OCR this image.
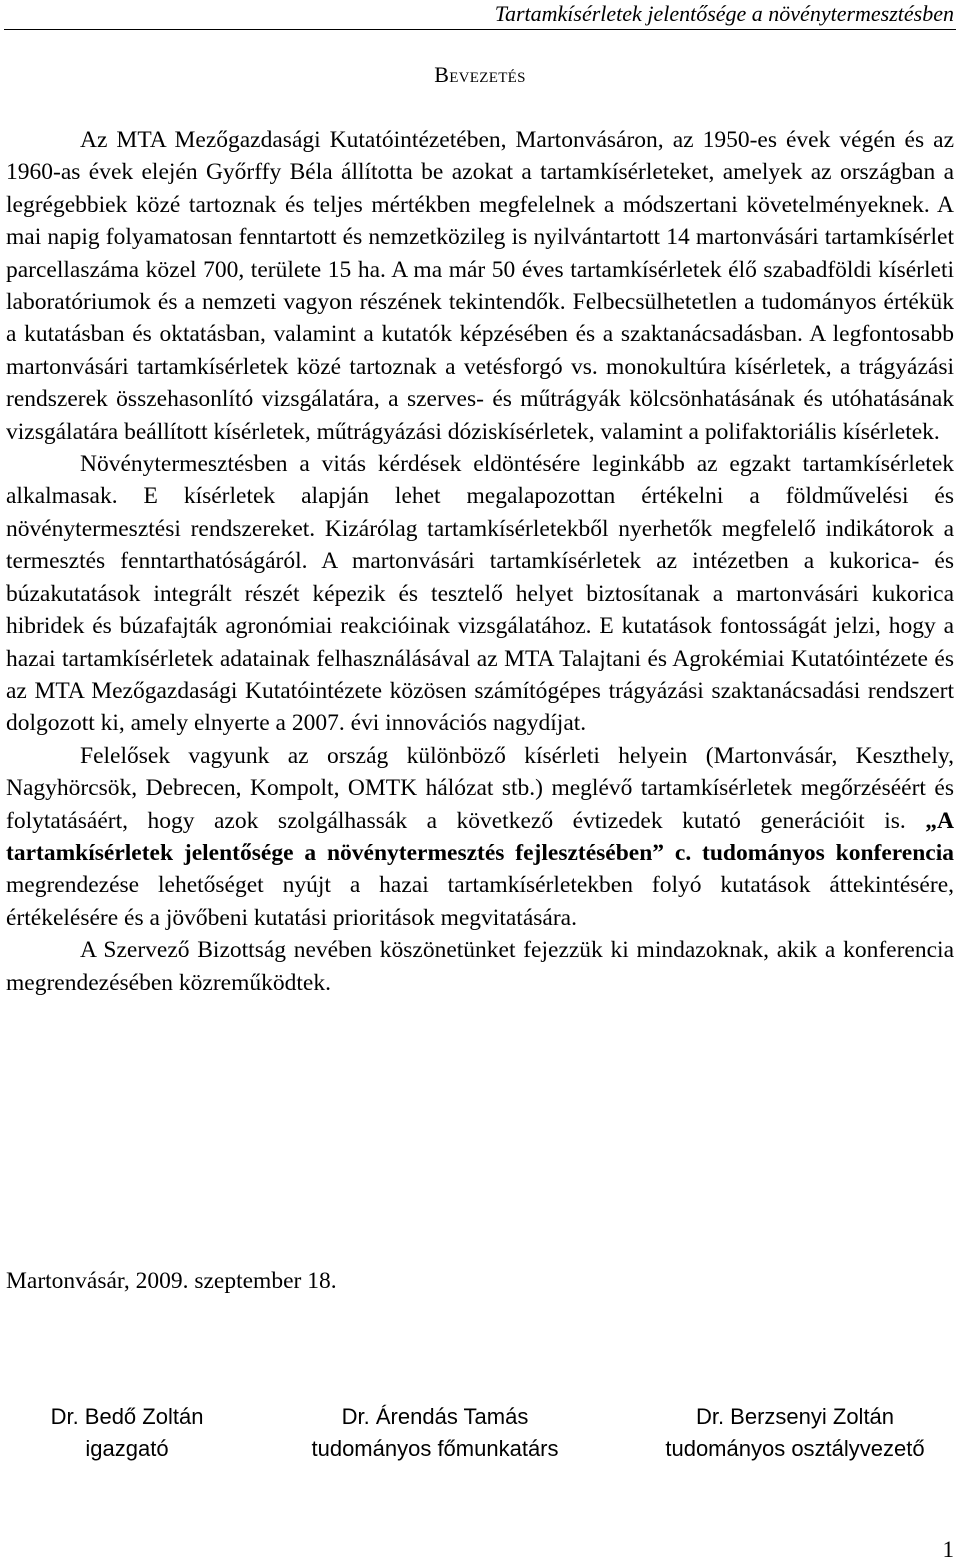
Tartamkísérletek jelentősége a növénytermesztésben
Bevezetés

Az MTA Mezőgazdasági Kutatóintézetében, Martonvásáron, az 1950-es évek végén és az 1960-as évek elején Győrffy Béla állította be azokat a tartamkísérleteket, amelyek az országban a legrégebbiek közé tartoznak és teljes mértékben megfelelnek a módszertani követelményeknek. A mai napig folyamatosan fenntartott és nemzetközileg is nyilvántartott 14 martonvásári tartamkísérlet parcellaszáma közel 700, területe 15 ha. A ma már 50 éves tartamkísérletek élő szabadföldi kísérleti laboratóriumok és a nemzeti vagyon részének tekintendők. Felbecsülhetetlen a tudományos értékük a kutatásban és oktatásban, valamint a kutatók képzésében és a szaktanácsadásban. A legfontosabb martonvásári tartamkísérletek közé tartoznak a vetésforgó vs. monokultúra kísérletek, a trágyázási rendszerek összehasonlító vizsgálatára, a szerves- és műtrágyák kölcsönhatásának és utóhatásának vizsgálatára beállított kísérletek, műtrágyázási dóziskísérletek, valamint a polifaktoriális kísérletek.

Növénytermesztésben a vitás kérdések eldöntésére leginkább az egzakt tartamkísérletek alkalmasak. E kísérletek alapján lehet megalapozottan értékelni a földművelési és növénytermesztési rendszereket. Kizárólag tartamkísérletekből nyerhetők megfelelő indikátorok a termesztés fenntarthatóságáról. A martonvásári tartamkísérletek az intézetben a kukorica- és búzakutatások integrált részét képezik és tesztelő helyet biztosítanak a martonvásári kukorica hibridek és búzafajták agronómiai reakcióinak vizsgálatához. E kutatások fontosságát jelzi, hogy a hazai tartamkísérletek adatainak felhasználásával az MTA Talajtani és Agrokémiai Kutatóintézete és az MTA Mezőgazdasági Kutatóintézete közösen számítógépes trágyázási szaktanácsadási rendszert dolgozott ki, amely elnyerte a 2007. évi innovációs nagydíjat.

Felelősek vagyunk az ország különböző kísérleti helyein (Martonvásár, Keszthely, Nagyhörcsök, Debrecen, Kompolt, OMTK hálózat stb.) meglévő tartamkísérletek megőrzéséért és folytatásáért, hogy azok szolgálhassák a következő évtizedek kutató generációit is. „A tartamkísérletek jelentősége a növénytermesztés fejlesztésében” c. tudományos konferencia megrendezése lehetőséget nyújt a hazai tartamkísérletekben folyó kutatások áttekintésére, értékelésére és a jövőbeni kutatási prioritások megvitatására.

A Szervező Bizottság nevében köszönetünket fejezzük ki mindazoknak, akik a konferencia megrendezésében közreműködtek.

Martonvásár, 2009. szeptember 18.
Dr. Bedő Zoltán
igazgató
Dr. Árendás Tamás
tudományos főmunkatárs
Dr. Berzsenyi Zoltán
tudományos osztályvezető
1
